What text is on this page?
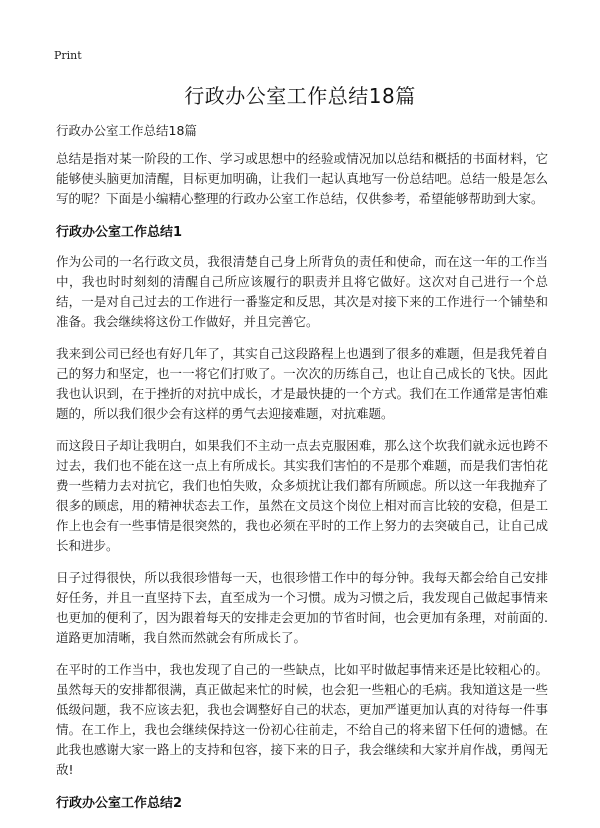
Print
行政办公室工作总结18篇

行政办公室工作总结18篇

总结是指对某一阶段的工作、学习或思想中的经验或情况加以总结和概括的书面材料，它能够使头脑更加清醒，目标更加明确，让我们一起认真地写一份总结吧。总结一般是怎么写的呢？下面是小编精心整理的行政办公室工作总结，仅供参考，希望能够帮助到大家。

行政办公室工作总结1

作为公司的一名行政文员，我很清楚自己身上所背负的责任和使命，而在这一年的工作当中，我也时时刻刻的清醒自己所应该履行的职责并且将它做好。这次对自己进行一个总结，一是对自己过去的工作进行一番鉴定和反思，其次是对接下来的工作进行一个铺垫和准备。我会继续将这份工作做好，并且完善它。

我来到公司已经也有好几年了，其实自己这段路程上也遇到了很多的难题，但是我凭着自己的努力和坚定，也一一将它们打败了。一次次的历练自己，也让自己成长的飞快。因此我也认识到，在于挫折的对抗中成长，才是最快捷的一个方式。我们在工作通常是害怕难题的，所以我们很少会有这样的勇气去迎接难题，对抗难题。

而这段日子却让我明白，如果我们不主动一点去克服困难，那么这个坎我们就永远也跨不过去，我们也不能在这一点上有所成长。其实我们害怕的不是那个难题，而是我们害怕花费一些精力去对抗它，我们也怕失败，众多烦扰让我们都有所顾虑。所以这一年我抛弃了很多的顾虑，用的精神状态去工作，虽然在文员这个岗位上相对而言比较的安稳，但是工作上也会有一些事情是很突然的，我也必须在平时的工作上努力的去突破自己，让自己成长和进步。

日子过得很快，所以我很珍惜每一天，也很珍惜工作中的每分钟。我每天都会给自己安排好任务，并且一直坚持下去，直至成为一个习惯。成为习惯之后，我发现自己做起事情来也更加的便利了，因为跟着每天的安排走会更加的节省时间，也会更加有条理，对前面的.道路更加清晰，我自然而然就会有所成长了。

在平时的工作当中，我也发现了自己的一些缺点，比如平时做起事情来还是比较粗心的。虽然每天的安排都很满，真正做起来忙的时候，也会犯一些粗心的毛病。我知道这是一些低级问题，我不应该去犯，我也会调整好自己的状态，更加严谨更加认真的对待每一件事情。在工作上，我也会继续保持这一份初心往前走，不给自己的将来留下任何的遗憾。在此我也感谢大家一路上的支持和包容，接下来的日子，我会继续和大家并肩作战，勇闯无敌!

行政办公室工作总结2
